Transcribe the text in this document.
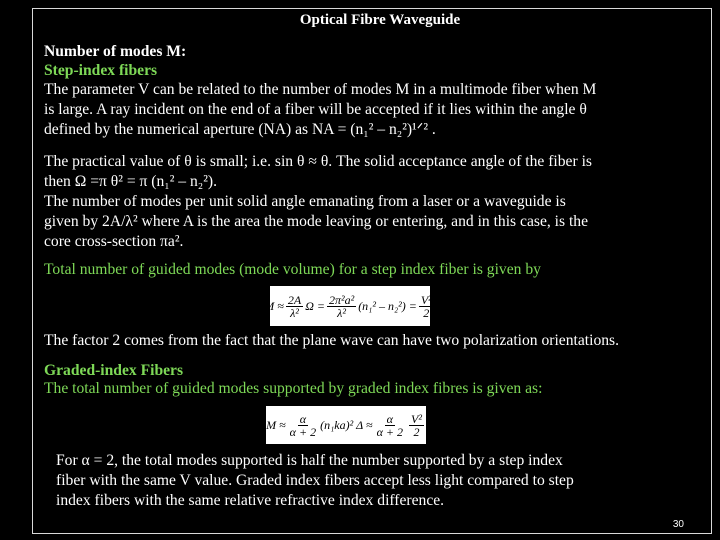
Optical Fibre Waveguide
Number of modes M:
Step-index fibers
The parameter V can be related to the number of modes M in a multimode fiber when M
is large. A ray incident on the end of a fiber will be accepted if it lies within the angle θ
defined by the numerical aperture (NA) as NA = (n₁² – n₂²)¹ᐟ² .
The practical value of θ is small; i.e. sin θ ≈ θ. The solid acceptance angle of the fiber is
then Ω =π θ² = π (n₁² – n₂²).
The number of modes per unit solid angle emanating from a laser or a waveguide is
given by 2A/λ² where A is the area the mode leaving or entering, and in this case, is the
core cross-section πa².
Total number of guided modes (mode volume) for a step index fiber is given by
$M \approx \frac{2A}{\text{λ²}}$ $\Omega = \frac{\text{2π²a²}}{\text{λ²}} (n_1^2 - n_2^2) = \frac{\text{V²}}{2}$
The factor 2 comes from the fact that the plane wave can have two polarization orientations.
Graded-index Fibers
The total number of guided modes supported by graded index fibres is given as:
$M \approx \frac{\alpha}{\alpha + 2} (n_1ka)^2$ $\Delta \approx \frac{\alpha}{\alpha + 2} \frac{\text{V²}}{2}$
For α = 2, the total modes supported is half the number supported by a step index
fiber with the same V value. Graded index fibers accept less light compared to step
index fibers with the same relative refractive index difference.
30
